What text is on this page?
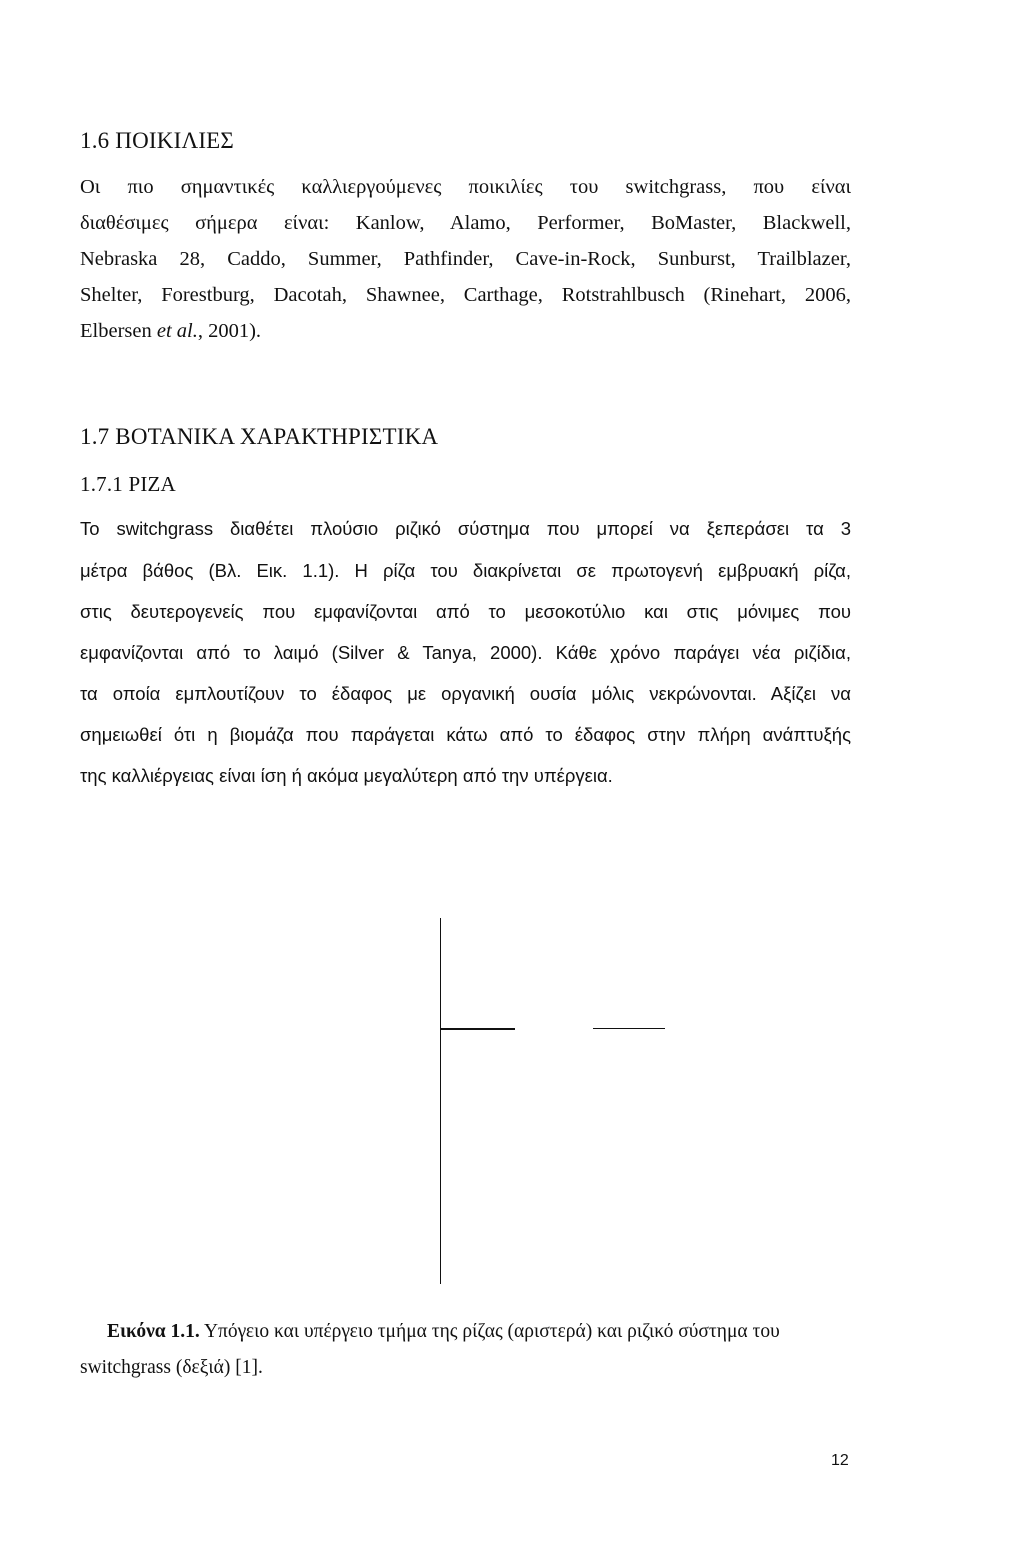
1.6 ΠΟΙΚΙΛΙΕΣ
Οι πιο σημαντικές καλλιεργούμενες ποικιλίες του switchgrass, που είναι
διαθέσιμες σήμερα είναι: Kanlow, Alamo, Performer, BoMaster, Blackwell,
Nebraska 28, Caddo, Summer, Pathfinder, Cave-in-Rock, Sunburst, Trailblazer,
Shelter, Forestburg, Dacotah, Shawnee, Carthage, Rotstrahlbusch (Rinehart, 2006,
Elbersen et al., 2001).
1.7 ΒΟΤΑΝΙΚΑ ΧΑΡΑΚΤΗΡΙΣΤΙΚΑ
1.7.1 ΡΙΖΑ
Το switchgrass διαθέτει πλούσιο ριζικό σύστημα που μπορεί να ξεπεράσει τα 3
μέτρα βάθος (Βλ. Εικ. 1.1). Η ρίζα του διακρίνεται σε πρωτογενή εμβρυακή ρίζα,
στις δευτερογενείς που εμφανίζονται από το μεσοκοτύλιο και στις μόνιμες που
εμφανίζονται από το λαιμό (Silver & Tanya, 2000). Κάθε χρόνο παράγει νέα ριζίδια,
τα οποία εμπλουτίζουν το έδαφος με οργανική ουσία μόλις νεκρώνονται. Αξίζει να
σημειωθεί ότι η βιομάζα που παράγεται κάτω από το έδαφος στην πλήρη ανάπτυξής
της καλλιέργειας είναι ίση ή ακόμα μεγαλύτερη από την υπέργεια.
Εικόνα 1.1. Υπόγειο και υπέργειο τμήμα της ρίζας (αριστερά) και ριζικό σύστημα του
switchgrass (δεξιά) [1].
12
